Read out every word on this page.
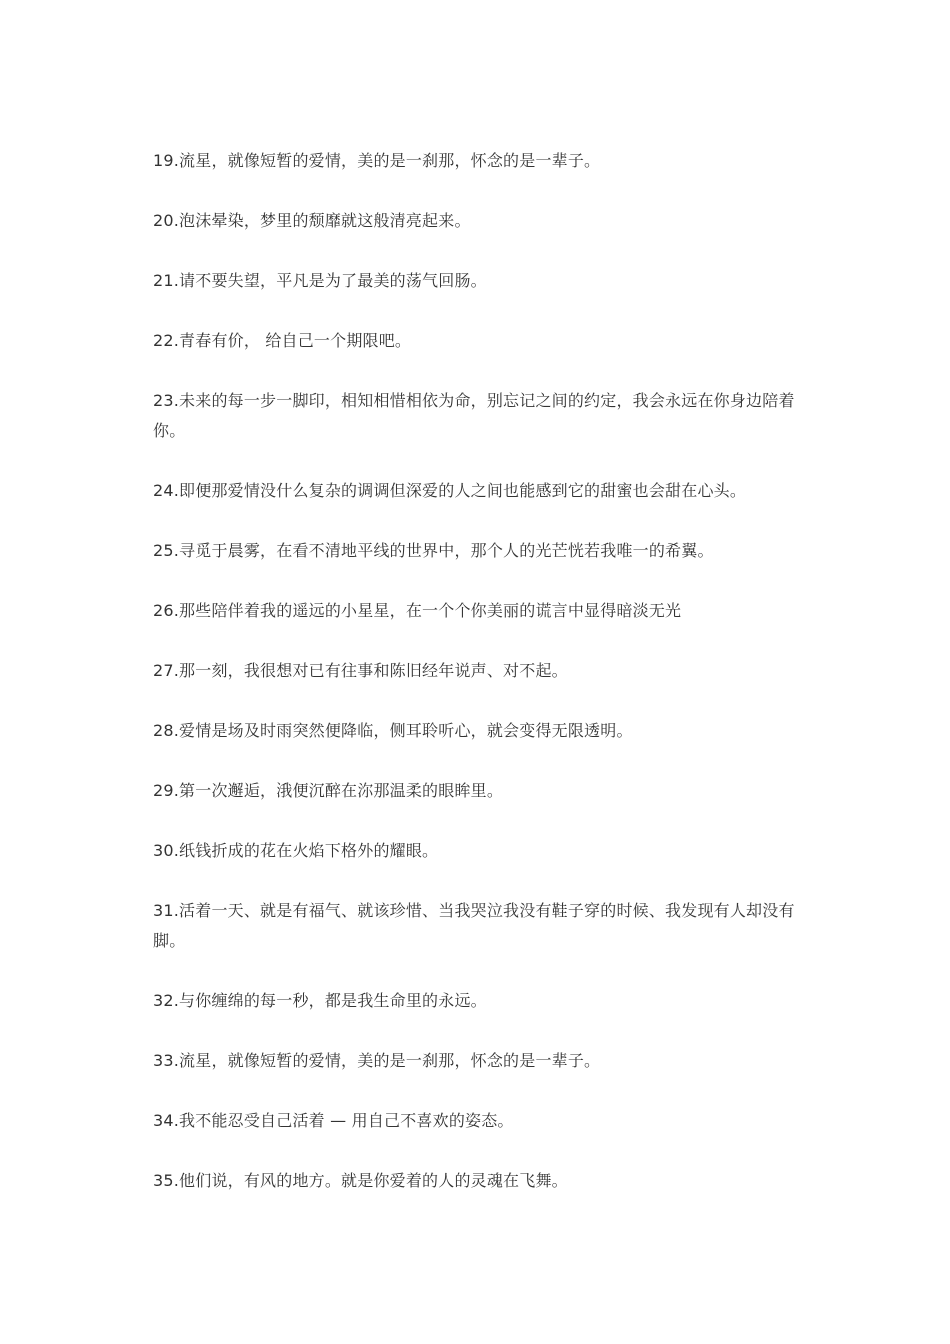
19.流星，就像短暂的爱情，美的是一刹那，怀念的是一辈子。

20.泡沫晕染，梦里的颓靡就这般清亮起来。

21.请不要失望，平凡是为了最美的荡气回肠。

22.青春有价， 给自己一个期限吧。

23.未来的每一步一脚印，相知相惜相依为命，别忘记之间的约定，我会永远在你身边陪着你。

24.即便那爱情没什么复杂的调调但深爱的人之间也能感到它的甜蜜也会甜在心头。

25.寻觅于晨雾，在看不清地平线的世界中，那个人的光芒恍若我唯一的希翼。

26.那些陪伴着我的遥远的小星星，在一个个你美丽的谎言中显得暗淡无光

27.那一刻，我很想对已有往事和陈旧经年说声、对不起。

28.爱情是场及时雨突然便降临，侧耳聆听心，就会变得无限透明。

29.第一次邂逅，涐便沉醉在沵那温柔的眼眸里。

30.纸钱折成的花在火焰下格外的耀眼。

31.活着一天、就是有福气、就该珍惜、当我哭泣我没有鞋子穿的时候、我发现有人却没有脚。

32.与你缠绵的每一秒，都是我生命里的永远。

33.流星，就像短暂的爱情，美的是一刹那，怀念的是一辈子。

34.我不能忍受自己活着 — 用自己不喜欢的姿态。

35.他们说，有风的地方。就是你爱着的人的灵魂在飞舞。
